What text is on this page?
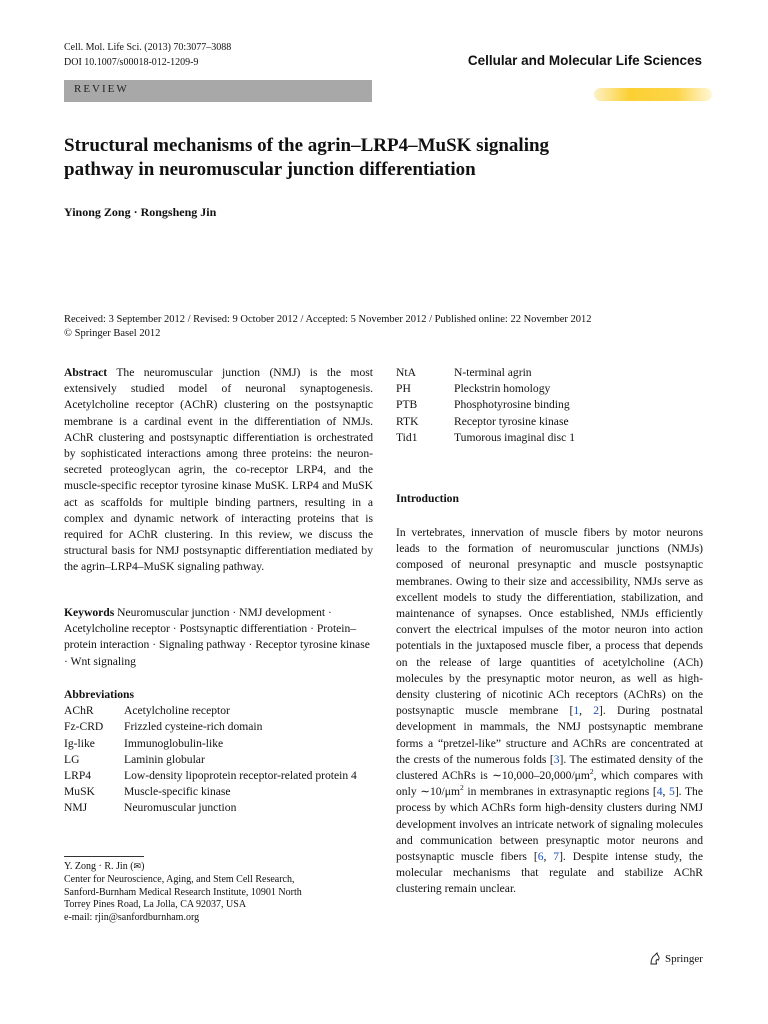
Cell. Mol. Life Sci. (2013) 70:3077–3088
DOI 10.1007/s00018-012-1209-9	Cellular and Molecular Life Sciences
REVIEW
Structural mechanisms of the agrin–LRP4–MuSK signaling
pathway in neuromuscular junction differentiation
Yinong Zong · Rongsheng Jin
Received: 3 September 2012 / Revised: 9 October 2012 / Accepted: 5 November 2012 / Published online: 22 November 2012
© Springer Basel 2012
Abstract The neuromuscular junction (NMJ) is the most extensively studied model of neuronal synaptogenesis. Acetylcholine receptor (AChR) clustering on the postsynaptic membrane is a cardinal event in the differentiation of NMJs. AChR clustering and postsynaptic differentiation is orchestrated by sophisticated interactions among three proteins: the neuron-secreted proteoglycan agrin, the co-receptor LRP4, and the muscle-specific receptor tyrosine kinase MuSK. LRP4 and MuSK act as scaffolds for multiple binding partners, resulting in a complex and dynamic network of interacting proteins that is required for AChR clustering. In this review, we discuss the structural basis for NMJ postsynaptic differentiation mediated by the agrin–LRP4–MuSK signaling pathway.
Keywords Neuromuscular junction · NMJ development · Acetylcholine receptor · Postsynaptic differentiation · Protein–protein interaction · Signaling pathway · Receptor tyrosine kinase · Wnt signaling
Abbreviations
AChR	Acetylcholine receptor
Fz-CRD	Frizzled cysteine-rich domain
Ig-like	Immunoglobulin-like
LG	Laminin globular
LRP4	Low-density lipoprotein receptor-related protein 4
MuSK	Muscle-specific kinase
NMJ	Neuromuscular junction
Y. Zong · R. Jin (✉)
Center for Neuroscience, Aging, and Stem Cell Research,
Sanford-Burnham Medical Research Institute, 10901 North
Torrey Pines Road, La Jolla, CA 92037, USA
e-mail: rjin@sanfordburnham.org
NtA	N-terminal agrin
PH	Pleckstrin homology
PTB	Phosphotyrosine binding
RTK	Receptor tyrosine kinase
Tid1	Tumorous imaginal disc 1
Introduction
In vertebrates, innervation of muscle fibers by motor neurons leads to the formation of neuromuscular junctions (NMJs) composed of neuronal presynaptic and muscle postsynaptic membranes. Owing to their size and accessibility, NMJs serve as excellent models to study the differentiation, stabilization, and maintenance of synapses. Once established, NMJs efficiently convert the electrical impulses of the motor neuron into action potentials in the juxtaposed muscle fiber, a process that depends on the release of large quantities of acetylcholine (ACh) molecules by the presynaptic motor neuron, as well as high-density clustering of nicotinic ACh receptors (AChRs) on the postsynaptic muscle membrane [1, 2]. During postnatal development in mammals, the NMJ postsynaptic membrane forms a “pretzel-like” structure and AChRs are concentrated at the crests of the numerous folds [3]. The estimated density of the clustered AChRs is $\sim 10,000-20,000/\mu m^2$, which compares with only $\sim 10/\mu m^2$ in membranes in extrasynaptic regions [4, 5]. The process by which AChRs form high-density clusters during NMJ development involves an intricate network of signaling molecules and communication between presynaptic motor neurons and postsynaptic muscle fibers [6, 7]. Despite intense study, the molecular mechanisms that regulate and stabilize AChR clustering remain unclear.
Springer
